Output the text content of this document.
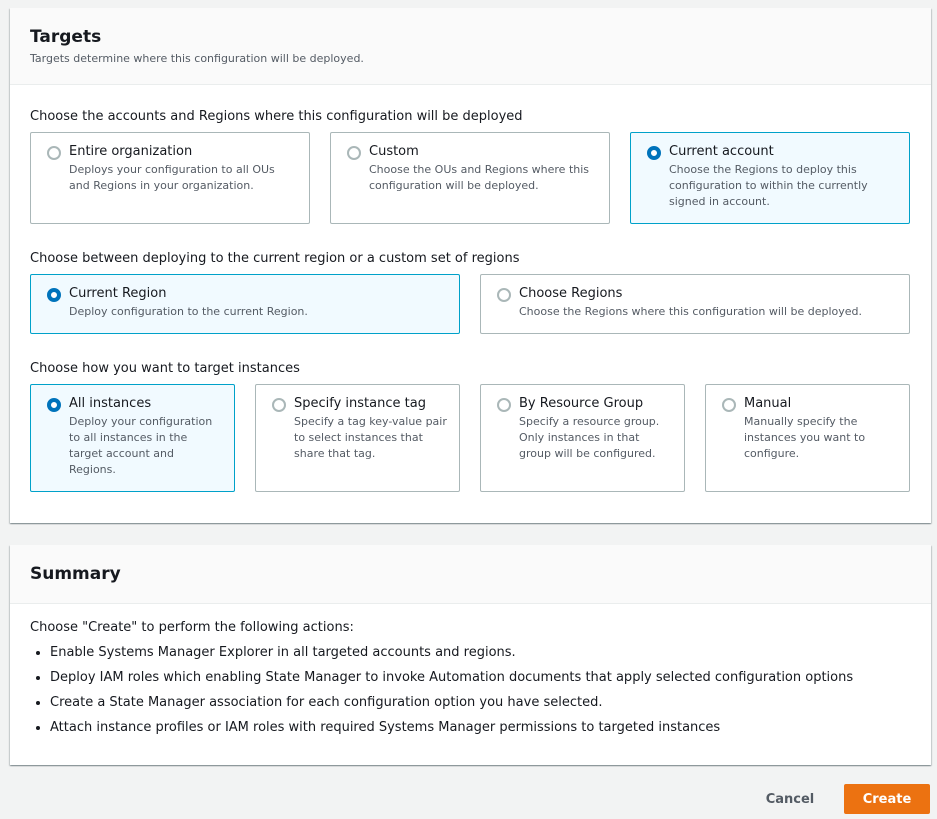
Targets
Targets determine where this configuration will be deployed.
Choose the accounts and Regions where this configuration will be deployed
Entire organization
Deploys your configuration to all OUs and Regions in your organization.
Custom
Choose the OUs and Regions where this configuration will be deployed.
Current account
Choose the Regions to deploy this configuration to within the currently signed in account.
Choose between deploying to the current region or a custom set of regions
Current Region
Deploy configuration to the current Region.
Choose Regions
Choose the Regions where this configuration will be deployed.
Choose how you want to target instances
All instances
Deploy your configuration to all instances in the target account and Regions.
Specify instance tag
Specify a tag key-value pair to select instances that share that tag.
By Resource Group
Specify a resource group. Only instances in that group will be configured.
Manual
Manually specify the instances you want to configure.
Summary
Choose "Create" to perform the following actions:
• Enable Systems Manager Explorer in all targeted accounts and regions.
• Deploy IAM roles which enabling State Manager to invoke Automation documents that apply selected configuration options
• Create a State Manager association for each configuration option you have selected.
• Attach instance profiles or IAM roles with required Systems Manager permissions to targeted instances
Cancel	Create
